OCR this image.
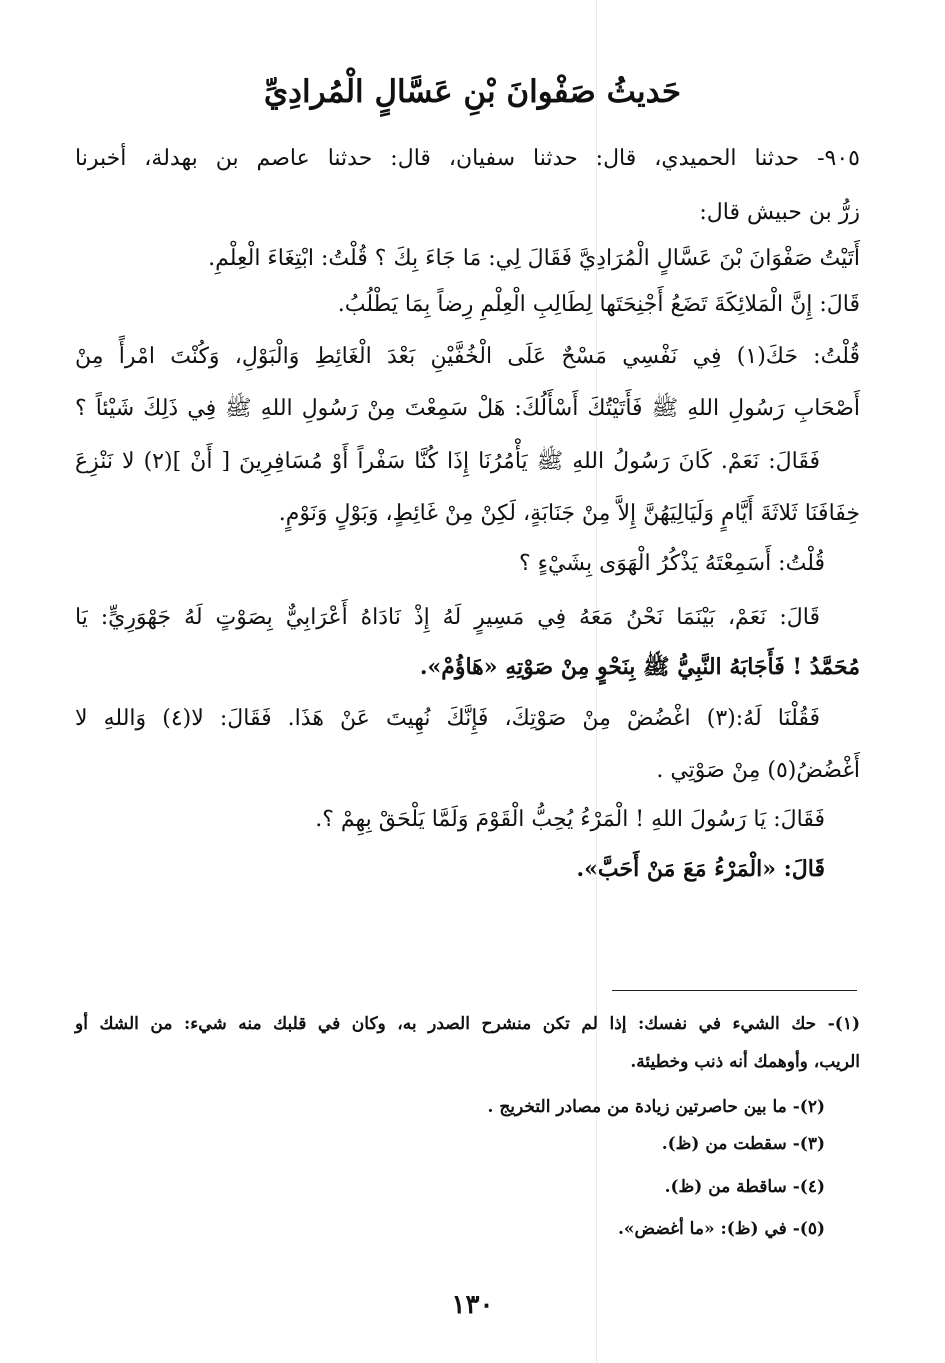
حَديثُ صَفْوانَ بْنِ عَسَّالٍ الْمُرادِيِّ
٩٠٥- حدثنا الحميدي، قال: حدثنا سفيان، قال: حدثنا عاصم بن بهدلة، أخبرنا
زرُّ بن حبيش قال:
أَتَيْتُ صَفْوَانَ بْنَ عَسَّالٍ الْمُرَادِيَّ فَقَالَ لِي: مَا جَاءَ بِكَ ؟ قُلْتُ: ابْتِغَاءَ الْعِلْمِ.
قَالَ: إِنَّ الْمَلائِكَةَ تَضَعُ أَجْنِحَتَها لِطَالِبِ الْعِلْمِ رِضاً بِمَا يَطْلُبُ.
قُلْتُ: حَكَ(١) فِي نَفْسِي مَسْحٌ عَلَى الْخُفَّيْنِ بَعْدَ الْغَائِطِ وَالْبَوْلِ، وَكُنْتَ امْرأً مِنْ
أَصْحَابِ رَسُولِ اللهِ ﷺ فَأَتَيْتُكَ أَسْأَلُكَ: هَلْ سَمِعْتَ مِنْ رَسُولِ اللهِ ﷺ فِي ذَلِكَ شَيْئاً ؟
فَقَالَ: نَعَمْ. كَانَ رَسُولُ اللهِ ﷺ يَأْمُرُنَا إِذَا كُنَّا سَفْراً أَوْ مُسَافِرِينَ [ أَنْ ](٢) لا نَنْزِعَ
خِفَافَنَا ثَلاثَةَ أَيَّامٍ وَلَيَالِيَهُنَّ إِلاَّ مِنْ جَنَابَةٍ، لَكِنْ مِنْ غَائِطٍ، وَبَوْلٍ وَنَوْمٍ.
قُلْتُ: أَسَمِعْتَهُ يَذْكُرُ الْهَوَى بِشَيْءٍ ؟
قَالَ: نَعَمْ، بَيْنَمَا نَحْنُ مَعَهُ فِي مَسِيرٍ لَهُ إِذْ نَادَاهُ أَعْرَابِيٌّ بِصَوْتٍ لَهُ جَهْوَرِيٍّ: يَا
مُحَمَّدُ ! فَأَجَابَهُ النَّبِيُّ ﷺ بِنَحْوٍ مِنْ صَوْتِهِ «هَاؤُمْ».
فَقُلْنَا لَهُ:(٣) اغْضُضْ مِنْ صَوْتِكَ، فَإِنَّكَ نُهِيتَ عَنْ هَذَا. فَقَالَ: لا(٤) وَاللهِ لا
أَغْضُضُ(٥) مِنْ صَوْتِي .
فَقَالَ: يَا رَسُولَ اللهِ ! الْمَرْءُ يُحِبُّ الْقَوْمَ وَلَمَّا يَلْحَقْ بِهِمْ ؟.
قَالَ: «الْمَرْءُ مَعَ مَنْ أَحَبَّ».
(١)- حك الشيء في نفسك: إذا لم تكن منشرح الصدر به، وكان في قلبك منه شيء: من الشك أو
الريب، وأوهمك أنه ذنب وخطيئة.
(٢)- ما بين حاصرتين زيادة من مصادر التخريج .
(٣)- سقطت من (ظ).
(٤)- ساقطة من (ظ).
(٥)- في (ظ): «ما أغضض».
١٣٠
